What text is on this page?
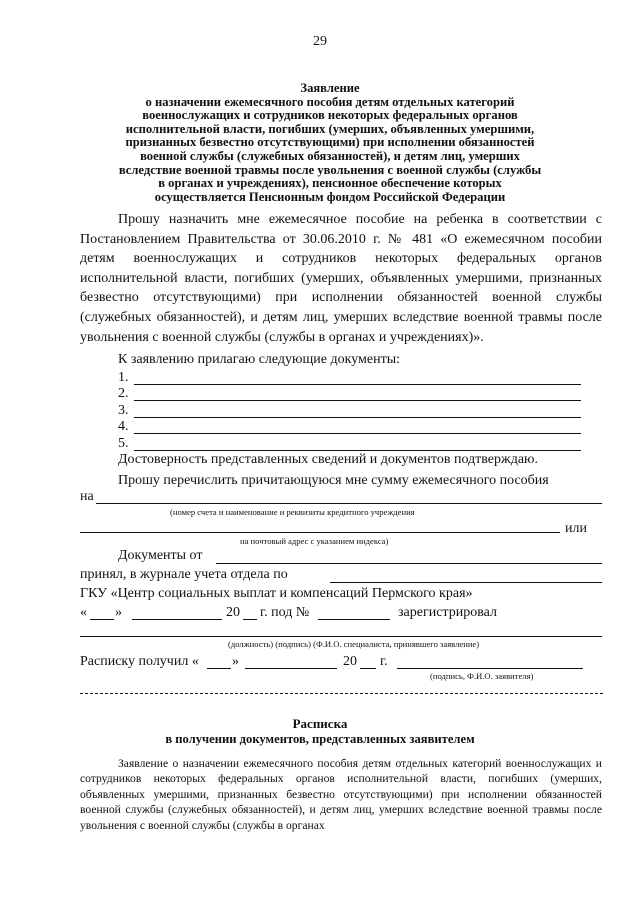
29
Заявление
о назначении ежемесячного пособия детям отдельных категорий
военнослужащих и сотрудников некоторых федеральных органов
исполнительной власти, погибших (умерших, объявленных умершими,
признанных безвестно отсутствующими) при исполнении обязанностей
военной службы (служебных обязанностей), и детям лиц, умерших
вследствие военной травмы после увольнения с военной службы (службы
в органах и учреждениях), пенсионное обеспечение которых
осуществляется Пенсионным фондом Российской Федерации
Прошу назначить мне ежемесячное пособие на ребенка в соответствии с Постановлением Правительства от 30.06.2010 г. № 481 «О ежемесячном пособии детям военнослужащих и сотрудников некоторых федеральных органов исполнительной власти, погибших (умерших, объявленных умершими, признанных безвестно отсутствующими) при исполнении обязанностей военной службы (служебных обязанностей), и детям лиц, умерших вследствие военной травмы после увольнения с военной службы (службы в органах и учреждениях)».
К заявлению прилагаю следующие документы:
1.
2.
3.
4.
5.
Достоверность представленных сведений и документов подтверждаю.
Прошу перечислить причитающуюся мне сумму ежемесячного пособия
на
(номер счета и наименование и реквизиты кредитного учреждения
или
на почтовый адрес с указанием индекса)
Документы от
принял, в журнале учета отдела по
ГКУ «Центр социальных выплат и компенсаций Пермского края»
« »	20 г. под №	зарегистрировал
(должность) (подпись) (Ф.И.О. специалиста, принявшего заявление)
Расписку получил « »	20 г.
(подпись, Ф.И.О. заявителя)
Расписка
в получении документов, представленных заявителем
Заявление о назначении ежемесячного пособия детям отдельных категорий военнослужащих и сотрудников некоторых федеральных органов исполнительной власти, погибших (умерших, объявленных умершими, признанных безвестно отсутствующими) при исполнении обязанностей военной службы (служебных обязанностей), и детям лиц, умерших вследствие военной травмы после увольнения с военной службы (службы в органах
